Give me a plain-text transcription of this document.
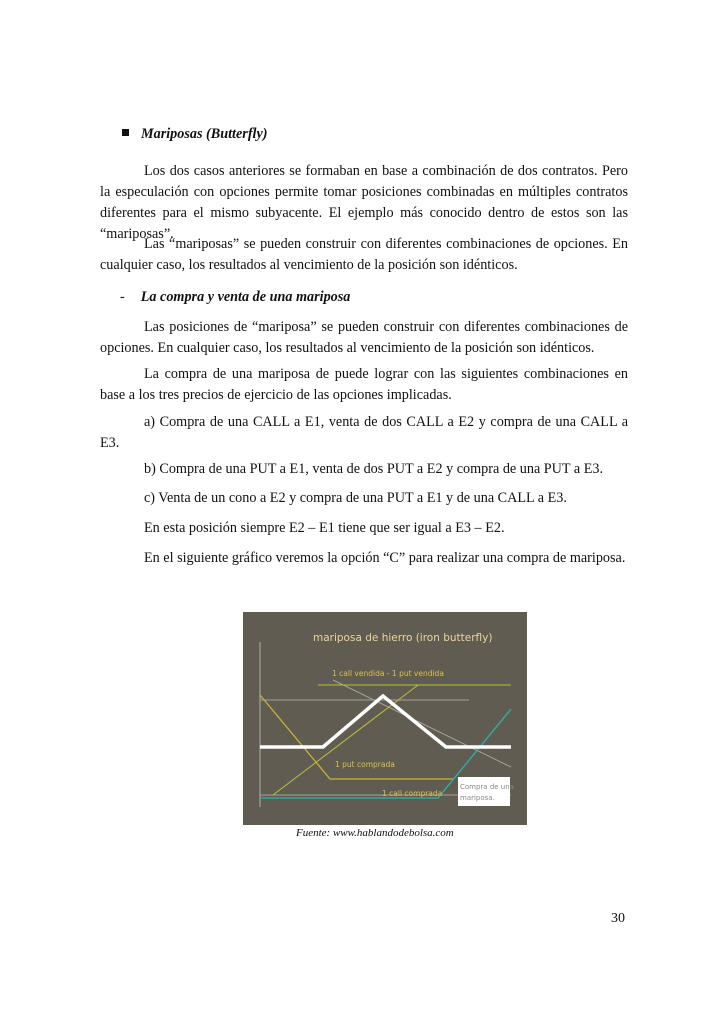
Mariposas (Butterfly)

Los dos casos anteriores se formaban en base a combinación de dos contratos. Pero la especulación con opciones permite tomar posiciones combinadas en múltiples contratos diferentes para el mismo subyacente. El ejemplo más conocido dentro de estos son las “mariposas”.

Las “mariposas” se pueden construir con diferentes combinaciones de opciones. En cualquier caso, los resultados al vencimiento de la posición son idénticos.

- La compra y venta de una mariposa

Las posiciones de “mariposa” se pueden construir con diferentes combinaciones de opciones. En cualquier caso, los resultados al vencimiento de la posición son idénticos.

La compra de una mariposa de puede lograr con las siguientes combinaciones en base a los tres precios de ejercicio de las opciones implicadas.

a) Compra de una CALL a E1, venta de dos CALL a E2 y compra de una CALL a E3.

b) Compra de una PUT a E1, venta de dos PUT a E2 y compra de una PUT a E3.

c) Venta de un cono a E2 y compra de una PUT a E1 y de una CALL a E3.

En esta posición siempre E2 – E1 tiene que ser igual a E3 – E2.

En el siguiente gráfico veremos la opción “C” para realizar una compra de mariposa.

mariposa de hierro (iron butterfly)
1 call vendida - 1 put vendida
1 put comprada
1 call comprada
Compra de una
mariposa.
Fuente: www.hablandodebolsa.com
30
